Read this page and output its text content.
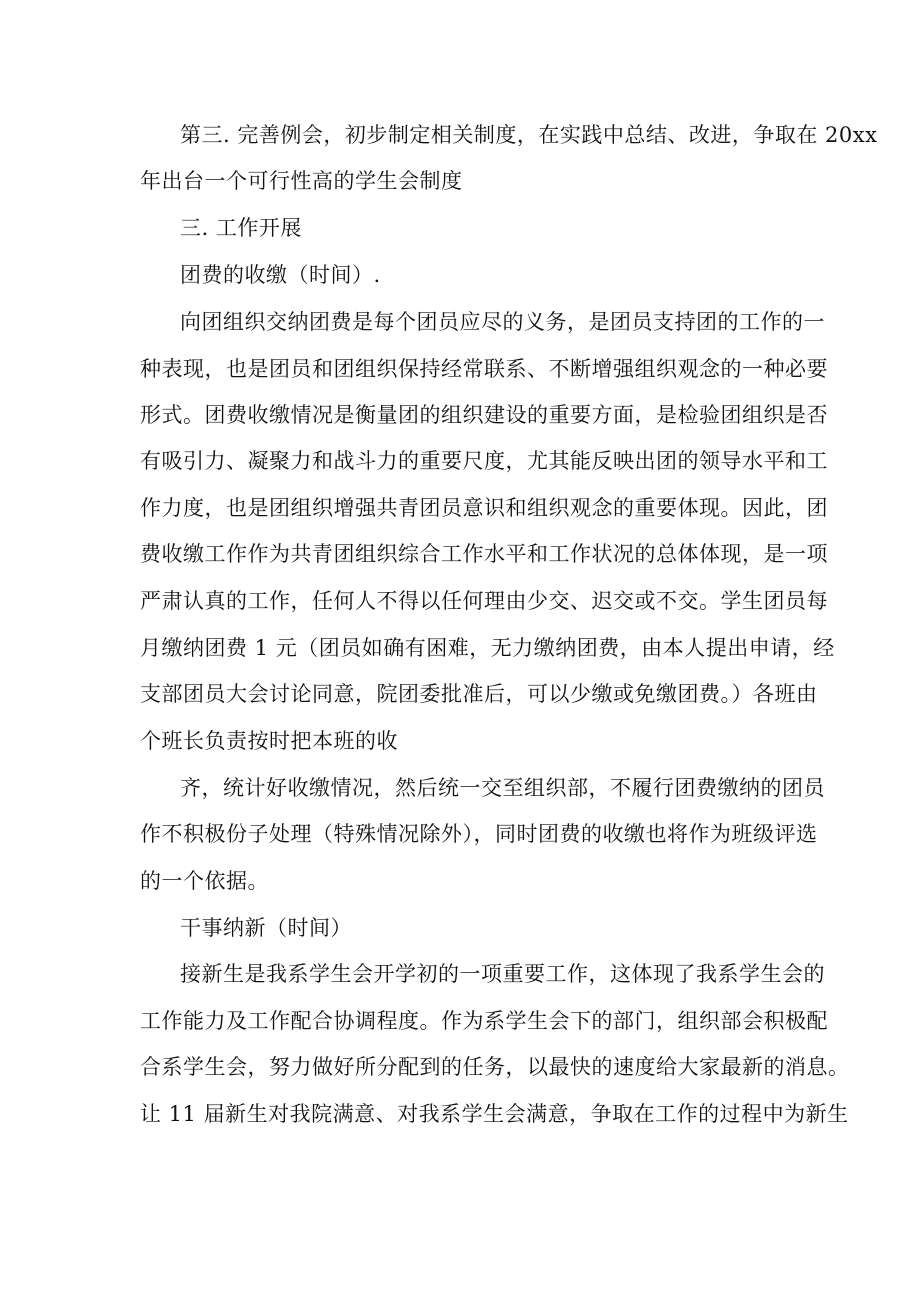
第三. 完善例会，初步制定相关制度，在实践中总结、改进，争取在 20xx
年出台一个可行性高的学生会制度
三. 工作开展
团费的收缴（时间）.
向团组织交纳团费是每个团员应尽的义务，是团员支持团的工作的一
种表现，也是团员和团组织保持经常联系、不断增强组织观念的一种必要
形式。团费收缴情况是衡量团的组织建设的重要方面，是检验团组织是否
有吸引力、凝聚力和战斗力的重要尺度，尤其能反映出团的领导水平和工
作力度，也是团组织增强共青团员意识和组织观念的重要体现。因此，团
费收缴工作作为共青团组织综合工作水平和工作状况的总体体现，是一项
严肃认真的工作，任何人不得以任何理由少交、迟交或不交。学生团员每
月缴纳团费 1 元（团员如确有困难，无力缴纳团费，由本人提出申请，经
支部团员大会讨论同意，院团委批准后，可以少缴或免缴团费。）各班由
个班长负责按时把本班的收
齐，统计好收缴情况，然后统一交至组织部，不履行团费缴纳的团员
作不积极份子处理（特殊情况除外），同时团费的收缴也将作为班级评选
的一个依据。
干事纳新（时间）
接新生是我系学生会开学初的一项重要工作，这体现了我系学生会的
工作能力及工作配合协调程度。作为系学生会下的部门，组织部会积极配
合系学生会，努力做好所分配到的任务，以最快的速度给大家最新的消息。
让 11 届新生对我院满意、对我系学生会满意，争取在工作的过程中为新生
